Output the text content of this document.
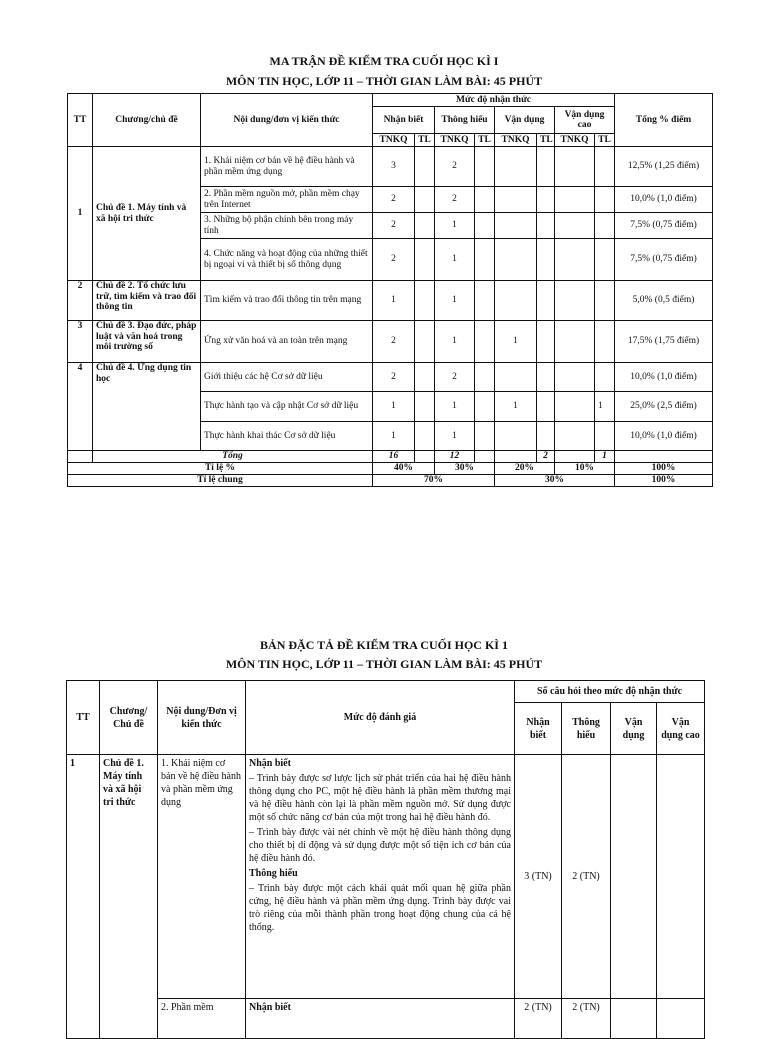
MA TRẬN ĐỀ KIỂM TRA CUỐI HỌC KÌ I
MÔN TIN HỌC, LỚP 11 – THỜI GIAN LÀM BÀI: 45 PHÚT
TT	Chương/chủ đề	Nội dung/đơn vị kiến thức	Mức độ nhận thức								Tổng % điểm
			Nhận biết		Thông hiểu		Vận dụng		Vận dụng cao		
			TNKQ	TL	TNKQ	TL	TNKQ	TL	TNKQ	TL	
1	Chủ đề 1. Máy tính và xã hội tri thức	1. Khái niệm cơ bản về hệ điều hành và phần mềm ứng dụng	3		2						12,5% (1,25 điểm)
		2. Phần mềm nguồn mở, phần mềm chạy trên Internet	2		2						10,0% (1,0 điểm)
		3. Những bộ phận chính bên trong máy tính	2		1						7,5% (0,75 điểm)
		4. Chức năng và hoạt động của những thiết bị ngoại vi và thiết bị số thông dụng	2		1						7,5% (0,75 điểm)
2	Chủ đề 2. Tổ chức lưu trữ, tìm kiếm và trao đổi thông tin	Tìm kiếm và trao đổi thông tin trên mạng	1		1						5,0% (0,5 điểm)
3	Chủ đề 3. Đạo đức, pháp luật và văn hoá trong môi trường số	Ứng xử văn hoá và an toàn trên mạng	2		1		1				17,5% (1,75 điểm)
4	Chủ đề 4. Ứng dụng tin học	Giới thiệu các hệ Cơ sở dữ liệu	2		2						10,0% (1,0 điểm)
		Thực hành tạo và cập nhật Cơ sở dữ liệu	1		1		1			1	25,0% (2,5 điểm)
		Thực hành khai thác Cơ sở dữ liệu	1		1						10,0% (1,0 điểm)
	Tổng		16		12			2		1	
Tỉ lệ %			40%		30%		20%		10%		100%
Tỉ lệ chung			70%				30%				100%
BẢN ĐẶC TẢ ĐỀ KIỂM TRA CUỐI HỌC KÌ 1
MÔN TIN HỌC, LỚP 11 – THỜI GIAN LÀM BÀI: 45 PHÚT
TT	Chương/ Chủ đề	Nội dung/Đơn vị kiến thức	Mức độ đánh giá	Số câu hỏi theo mức độ nhận thức			
				Nhận biết	Thông hiểu	Vận dụng	Vận dụng cao
1	Chủ đề 1. Máy tính và xã hội tri thức	1. Khái niệm cơ bản về hệ điều hành và phần mềm ứng dụng	Nhận biết

– Trình bày được sơ lược lịch sử phát triển của hai hệ điều hành thông dụng cho PC, một hệ điều hành là phần mềm thương mại và hệ điều hành còn lại là phần mềm nguồn mở. Sử dụng được một số chức năng cơ bản của một trong hai hệ điều hành đó.

– Trình bày được vài nét chính về một hệ điều hành thông dụng cho thiết bị di động và sử dụng được một số tiện ích cơ bản của hệ điều hành đó.

Thông hiểu

– Trình bày được một cách khái quát mối quan hệ giữa phần cứng, hệ điều hành và phần mềm ứng dụng. Trình bày được vai trò riêng của mỗi thành phần trong hoạt động chung của cả hệ thống.	3 (TN)	2 (TN)		
		2. Phần mềm	Nhận biết	2 (TN)	2 (TN)		
